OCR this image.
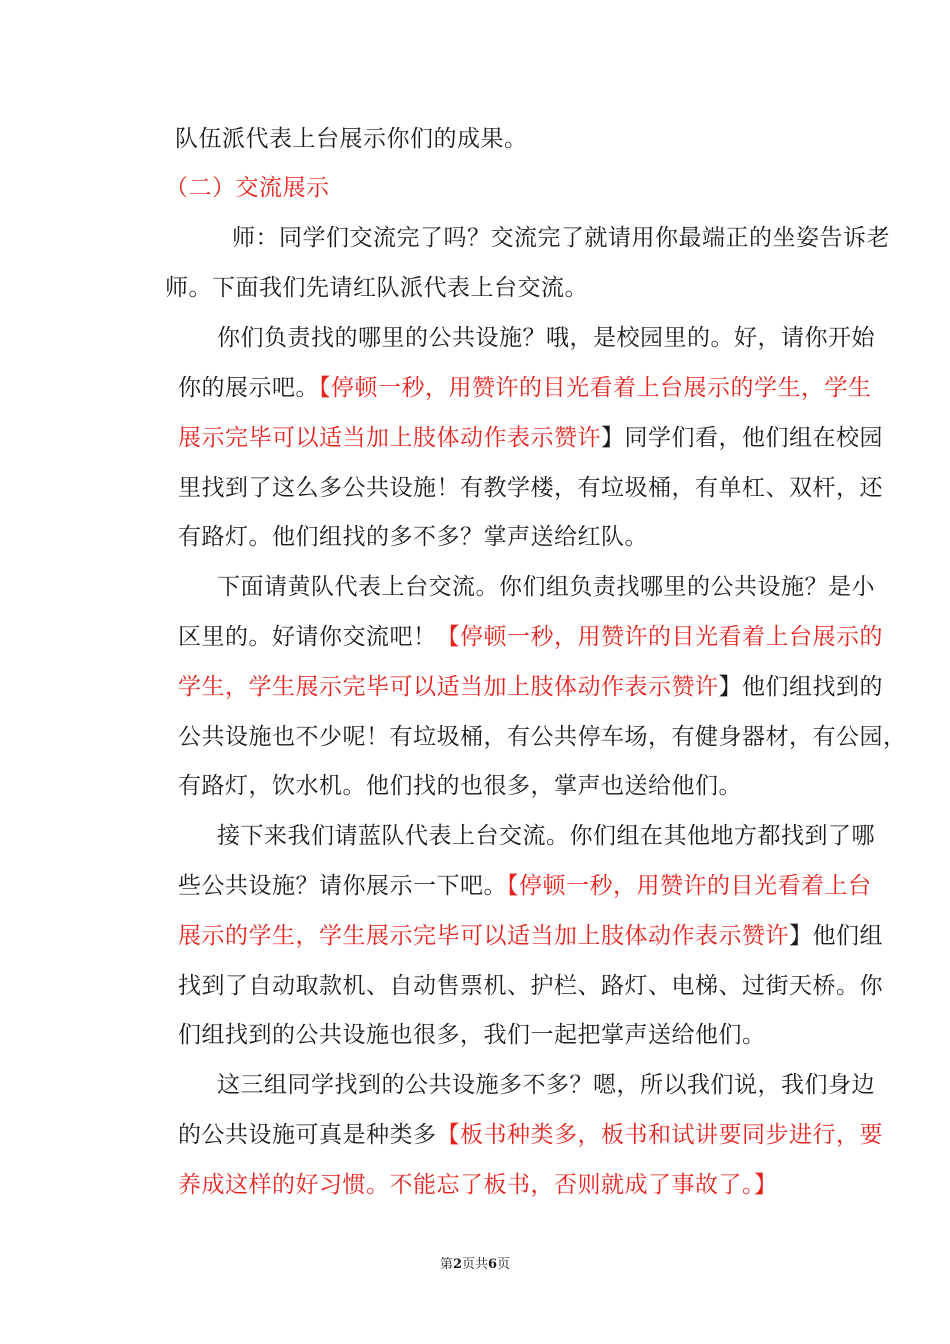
队伍派代表上台展示你们的成果。
（二）交流展示
师：同学们交流完了吗？交流完了就请用你最端正的坐姿告诉老
师。下面我们先请红队派代表上台交流。
你们负责找的哪里的公共设施？哦，是校园里的。好，请你开始
你的展示吧。【停顿一秒，用赞许的目光看着上台展示的学生，学生
展示完毕可以适当加上肢体动作表示赞许】同学们看，他们组在校园
里找到了这么多公共设施！有教学楼，有垃圾桶，有单杠、双杆，还
有路灯。他们组找的多不多？掌声送给红队。
下面请黄队代表上台交流。你们组负责找哪里的公共设施？是小
区里的。好请你交流吧！【停顿一秒，用赞许的目光看着上台展示的
学生，学生展示完毕可以适当加上肢体动作表示赞许】他们组找到的
公共设施也不少呢！有垃圾桶，有公共停车场，有健身器材，有公园，
有路灯，饮水机。他们找的也很多，掌声也送给他们。
接下来我们请蓝队代表上台交流。你们组在其他地方都找到了哪
些公共设施？请你展示一下吧。【停顿一秒，用赞许的目光看着上台
展示的学生，学生展示完毕可以适当加上肢体动作表示赞许】他们组
找到了自动取款机、自动售票机、护栏、路灯、电梯、过街天桥。你
们组找到的公共设施也很多，我们一起把掌声送给他们。
这三组同学找到的公共设施多不多？嗯，所以我们说，我们身边
的公共设施可真是种类多【板书种类多，板书和试讲要同步进行，要
养成这样的好习惯。不能忘了板书，否则就成了事故了。】
第2页共6页
